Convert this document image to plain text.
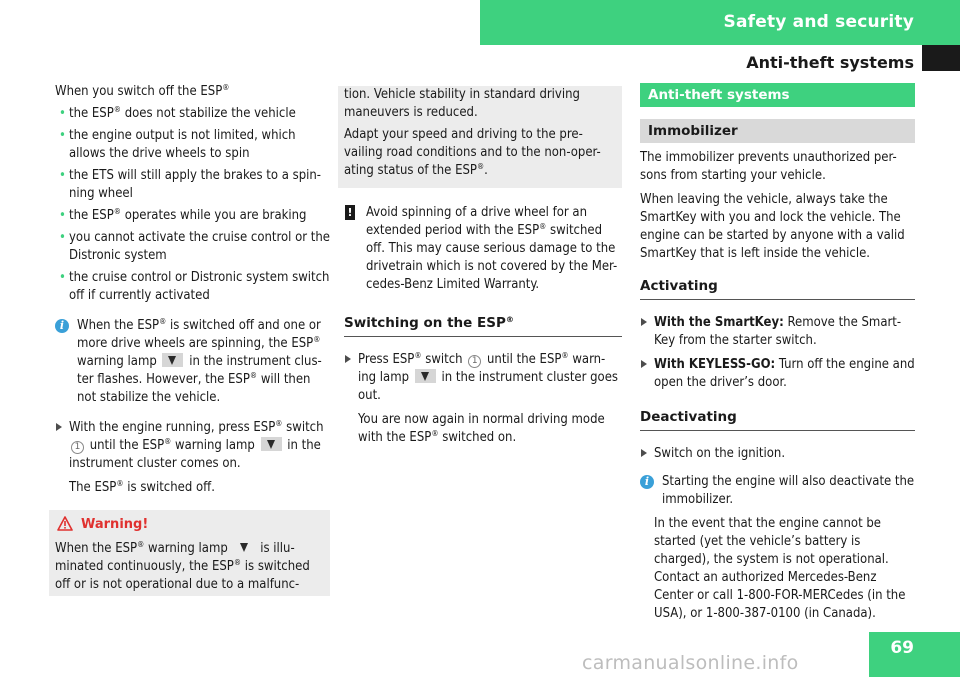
Safety and security
Anti-theft systems

When you switch off the ESP®

• the ESP® does not stabilize the vehicle

• the engine output is not limited, which allows the drive wheels to spin

• the ETS will still apply the brakes to a spin-ning wheel

• the ESP® operates while you are braking

• you cannot activate the cruise control or the Distronic system

• the cruise control or Distronic system switch off if currently activated

i When the ESP® is switched off and one or more drive wheels are spinning, the ESP®
warning lamp in the instrument clus-ter flashes. However, the ESP® will then not stabilize the vehicle.

With the engine running, press ESP® switch
1 until the ESP® warning lamp in the instrument cluster comes on.

The ESP® is switched off.

Warning!

When the ESP® warning lamp is illu-minated continuously, the ESP® is switched off or is not operational due to a malfunc-

tion. Vehicle stability in standard driving maneuvers is reduced.

Adapt your speed and driving to the pre-vailing road conditions and to the non-oper-ating status of the ESP®.

! Avoid spinning of a drive wheel for an extended period with the ESP® switched off. This may cause serious damage to the drivetrain which is not covered by the Mer-cedes-Benz Limited Warranty.

Switching on the ESP®

Press ESP® switch 1 until the ESP® warn-ing lamp in the instrument cluster goes out.

You are now again in normal driving mode with the ESP® switched on.

Anti-theft systems
Immobilizer

The immobilizer prevents unauthorized per-sons from starting your vehicle.

When leaving the vehicle, always take the SmartKey with you and lock the vehicle. The engine can be started by anyone with a valid SmartKey that is left inside the vehicle.

Activating

With the SmartKey: Remove the Smart-Key from the starter switch.

With KEYLESS-GO: Turn off the engine and open the driver’s door.

Deactivating

Switch on the ignition.

i Starting the engine will also deactivate the immobilizer.

In the event that the engine cannot be started (yet the vehicle’s battery is charged), the system is not operational. Contact an authorized Mercedes-Benz Center or call 1-800-FOR-MERCedes (in the USA), or 1-800-387-0100 (in Canada).

69
carmanualsonline.info
